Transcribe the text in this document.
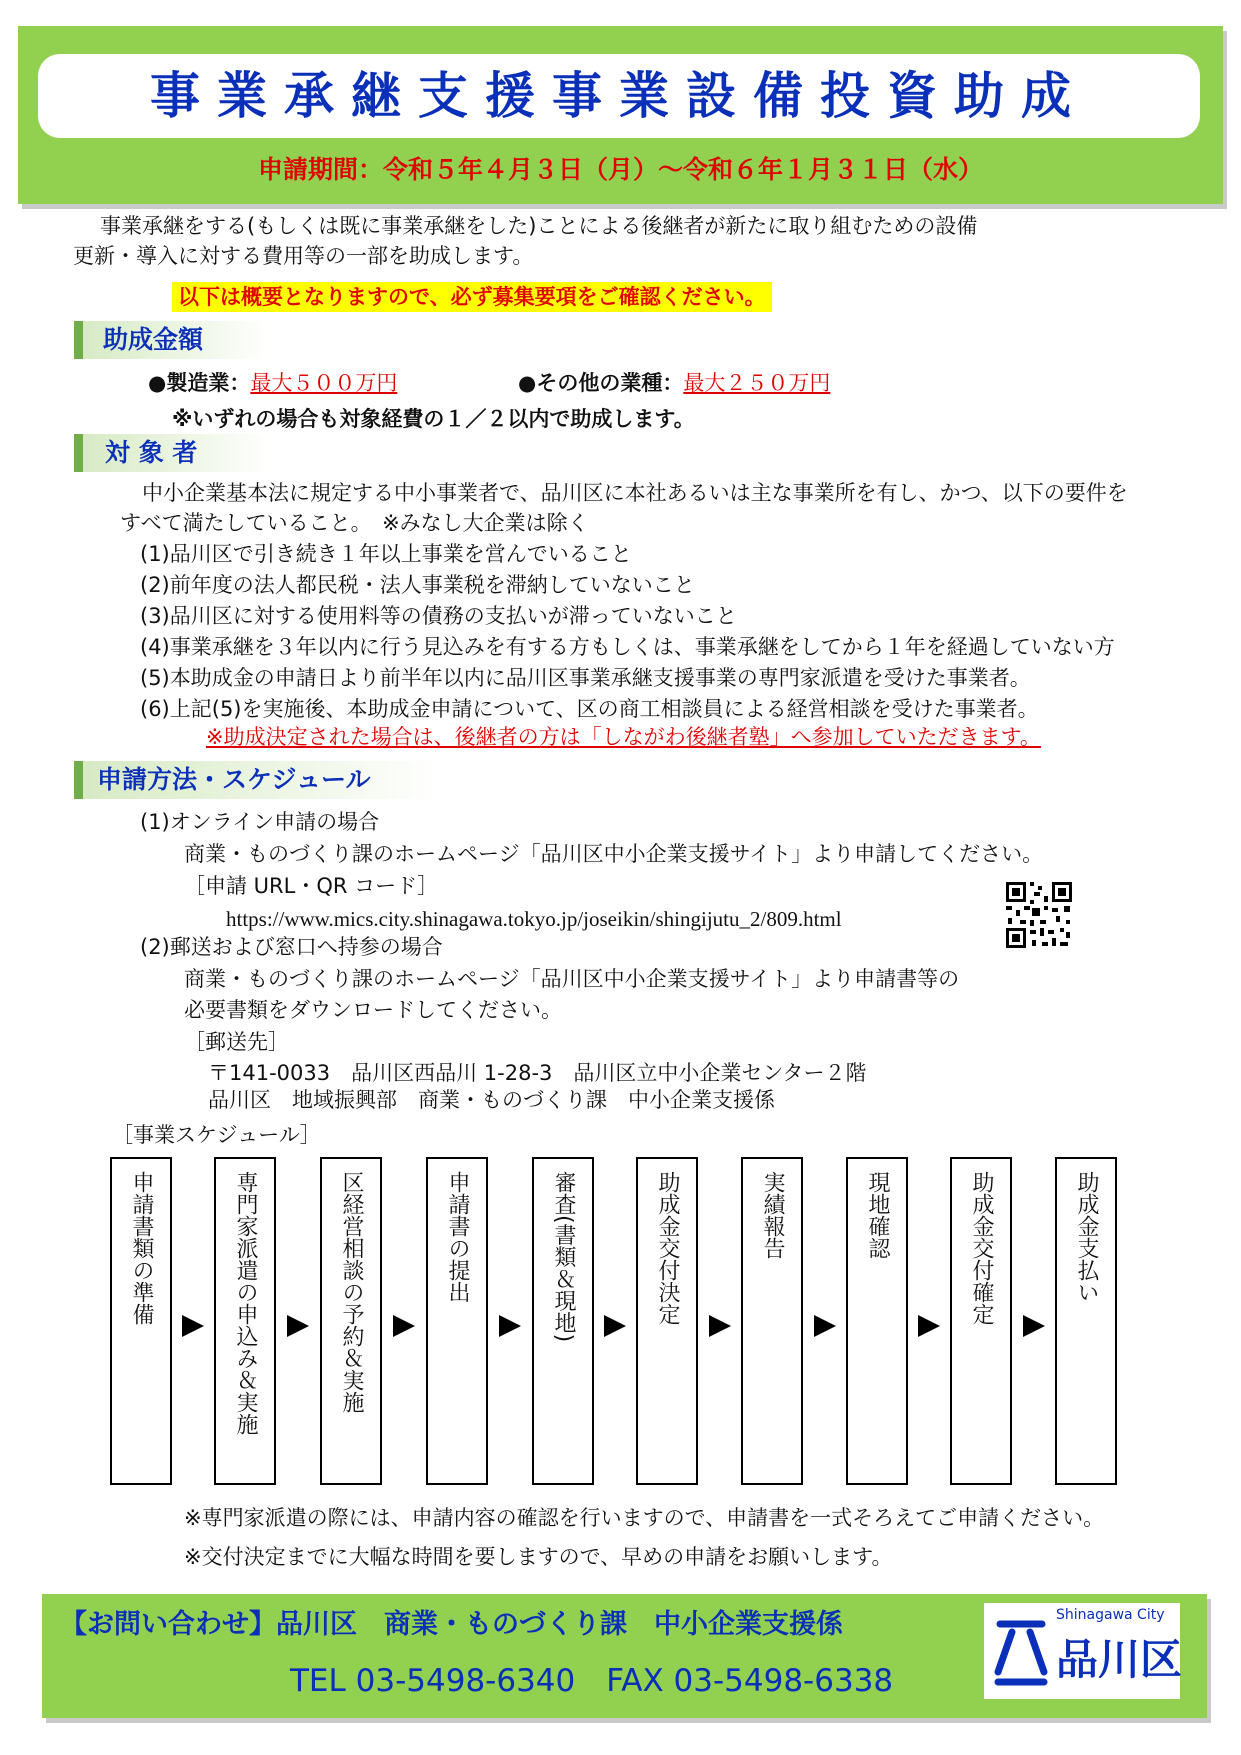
事業承継支援事業設備投資助成
申請期間：令和５年４月３日（月）～令和６年１月３１日（水）
事業承継をする(もしくは既に事業承継をした)ことによる後継者が新たに取り組むための設備
更新・導入に対する費用等の一部を助成します。
以下は概要となりますので、必ず募集要項をご確認ください。
助成金額
●製造業：最大５００万円	●その他の業種：最大２５０万円
※いずれの場合も対象経費の１／２以内で助成します。
対 象 者
中小企業基本法に規定する中小事業者で、品川区に本社あるいは主な事業所を有し、かつ、以下の要件を
すべて満たしていること。　※みなし大企業は除く
(1)品川区で引き続き１年以上事業を営んでいること
(2)前年度の法人都民税・法人事業税を滞納していないこと
(3)品川区に対する使用料等の債務の支払いが滞っていないこと
(4)事業承継を３年以内に行う見込みを有する方もしくは、事業承継をしてから１年を経過していない方
(5)本助成金の申請日より前半年以内に品川区事業承継支援事業の専門家派遣を受けた事業者。
(6)上記(5)を実施後、本助成金申請について、区の商工相談員による経営相談を受けた事業者。
※助成決定された場合は、後継者の方は「しながわ後継者塾」へ参加していただきます。
申請方法・スケジュール
(1)オンライン申請の場合
商業・ものづくり課のホームページ「品川区中小企業支援サイト」より申請してください。
［申請 URL・QR コード］
https://www.mics.city.shinagawa.tokyo.jp/joseikin/shingijutu_2/809.html
(2)郵送および窓口へ持参の場合
商業・ものづくり課のホームページ「品川区中小企業支援サイト」より申請書等の
必要書類をダウンロードしてください。
［郵送先］
〒141-0033　品川区西品川 1-28-3　品川区立中小企業センター２階
品川区　地域振興部　商業・ものづくり課　中小企業支援係
［事業スケジュール］
申請書類の準備	専門家派遣の申込み＆実施	区経営相談の予約＆実施	申請書の提出	審査(書類＆現地)	助成金交付決定	実績報告	現地確認	助成金交付確定	助成金支払い
※専門家派遣の際には、申請内容の確認を行いますので、申請書を一式そろえてご申請ください。
※交付決定までに大幅な時間を要しますので、早めの申請をお願いします。
【お問い合わせ】品川区　商業・ものづくり課　中小企業支援係
TEL 03-5498-6340　FAX 03-5498-6338
Shinagawa City
品川区
